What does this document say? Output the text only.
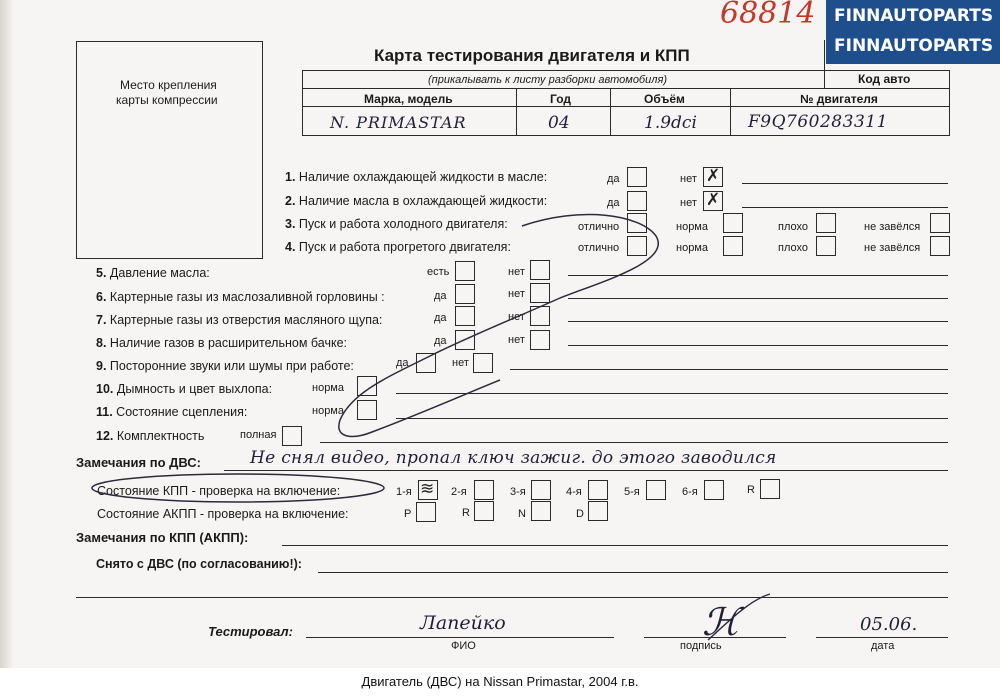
68814 FINNAUTOPARTS
FINNAUTOPARTS
Место крепления
карты компрессии
Карта тестирования двигателя и КПП
(прикалывать к листу разборки автомобиля)	Код авто
Марка, модель	Год	Объём	№ двигателя
N. PRIMASTAR	04	1.9dci	F9Q760283311
1. Наличие охлаждающей жидкости в масле:	да	нет ✗
2. Наличие масла в охлаждающей жидкости:	да	нет ✗
3. Пуск и работа холодного двигателя:	отлично	норма	плохо	не завёлся
4. Пуск и работа прогретого двигателя:	отлично	норма	плохо	не завёлся
5. Давление масла:	есть	нет
6. Картерные газы из маслозаливной горловины :	да	нет
7. Картерные газы из отверстия масляного щупа:	да	нет
8. Наличие газов в расширительном бачке:	да	нет
9. Посторонние звуки или шумы при работе:	да	нет
10. Дымность и цвет выхлопа:	норма
11. Состояние сцепления:	норма
12. Комплектность	полная
Замечания по ДВС:	Не снял видео, пропал ключ зажиг. до этого заводился
Состояние КПП - проверка на включение:	1-я ≋ 2-я	3-я	4-я	5-я	6-я	R
Состояние АКПП - проверка на включение:	P	R	N	D
Замечания по КПП (АКПП):
Снято с ДВС (по согласованию!):
Тестировал:	Лапейко	ℋ	05.06.
ФИО	подпись	дата
Двигатель (ДВС) на Nissan Primastar, 2004 г.в.
